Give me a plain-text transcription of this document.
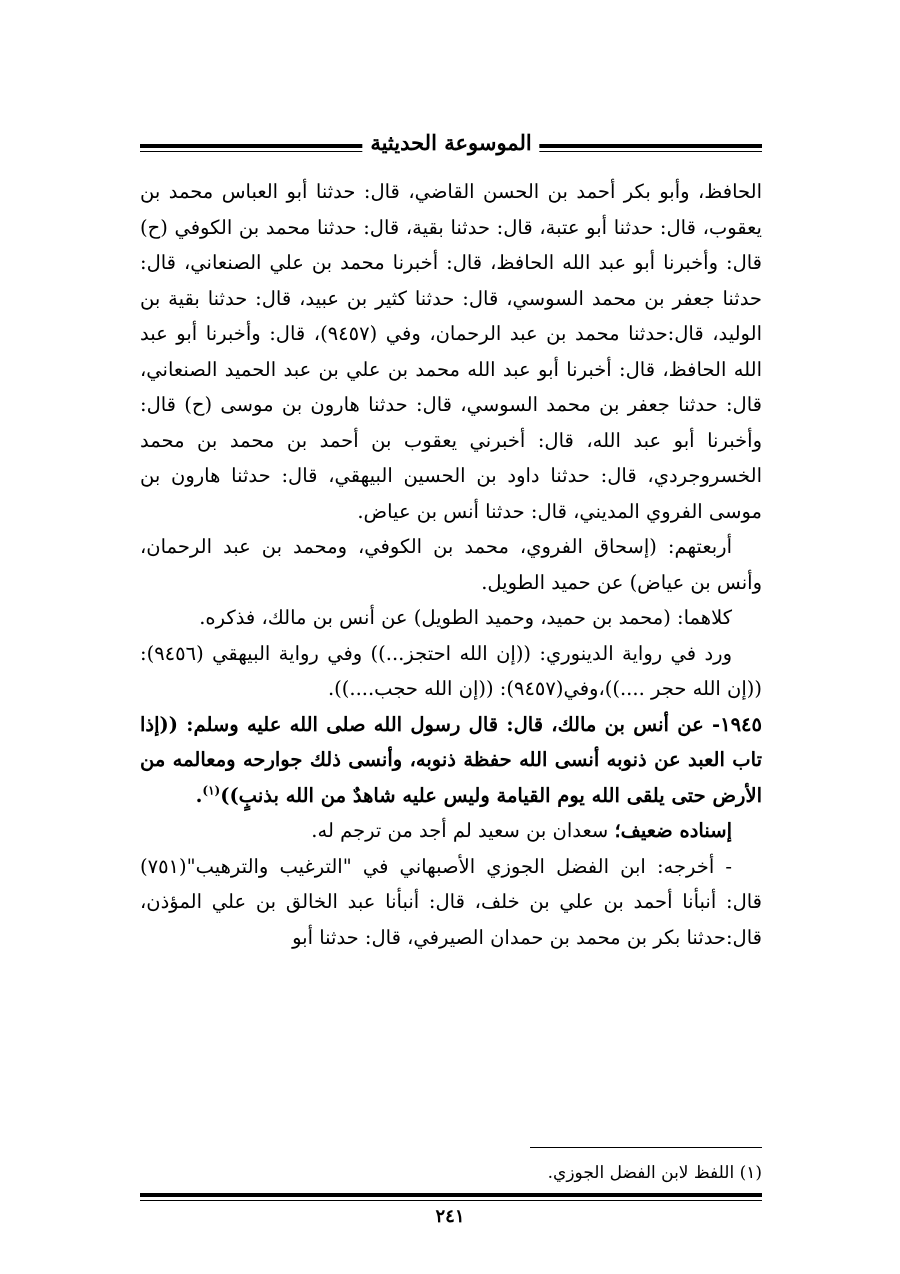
الموسوعة الحديثية

الحافظ، وأبو بكر أحمد بن الحسن القاضي، قال: حدثنا أبو العباس محمد بن يعقوب، قال: حدثنا أبو عتبة، قال: حدثنا بقية، قال: حدثنا محمد بن الكوفي (ح) قال: وأخبرنا أبو عبد الله الحافظ، قال: أخبرنا محمد بن علي الصنعاني، قال: حدثنا جعفر بن محمد السوسي، قال: حدثنا كثير بن عبيد، قال: حدثنا بقية بن الوليد، قال:حدثنا محمد بن عبد الرحمان، وفي (٩٤٥٧)، قال: وأخبرنا أبو عبد الله الحافظ، قال: أخبرنا أبو عبد الله محمد بن علي بن عبد الحميد الصنعاني، قال: حدثنا جعفر بن محمد السوسي، قال: حدثنا هارون بن موسى (ح) قال: وأخبرنا أبو عبد الله، قال: أخبرني يعقوب بن أحمد بن محمد بن محمد الخسروجردي، قال: حدثنا داود بن الحسين البيهقي، قال: حدثنا هارون بن موسى الفروي المديني، قال: حدثنا أنس بن عياض.

أربعتهم: (إسحاق الفروي، محمد بن الكوفي، ومحمد بن عبد الرحمان، وأنس بن عياض) عن حميد الطويل.

كلاهما: (محمد بن حميد، وحميد الطويل) عن أنس بن مالك، فذكره.

ورد في رواية الدينوري: ((إن الله احتجز...)) وفي رواية البيهقي (٩٤٥٦): ((إن الله حجر ....))،وفي(٩٤٥٧): ((إن الله حجب....)).

١٩٤٥- عن أنس بن مالك، قال: قال رسول الله صلى الله عليه وسلم: ((إذا تاب العبد عن ذنوبه أنسى الله حفظة ذنوبه، وأنسى ذلك جوارحه ومعالمه من الأرض حتى يلقى الله يوم القيامة وليس عليه شاهدٌ من الله بذنبٍ))$^{(١)}$.

إسناده ضعيف؛ سعدان بن سعيد لم أجد من ترجم له.

- أخرجه: ابن الفضل الجوزي الأصبهاني في "الترغيب والترهيب"(٧٥١) قال: أنبأنا أحمد بن علي بن خلف، قال: أنبأنا عبد الخالق بن علي المؤذن، قال:حدثنا بكر بن محمد بن حمدان الصيرفي، قال: حدثنا أبو

(١) اللفظ لابن الفضل الجوزي.
٢٤١
